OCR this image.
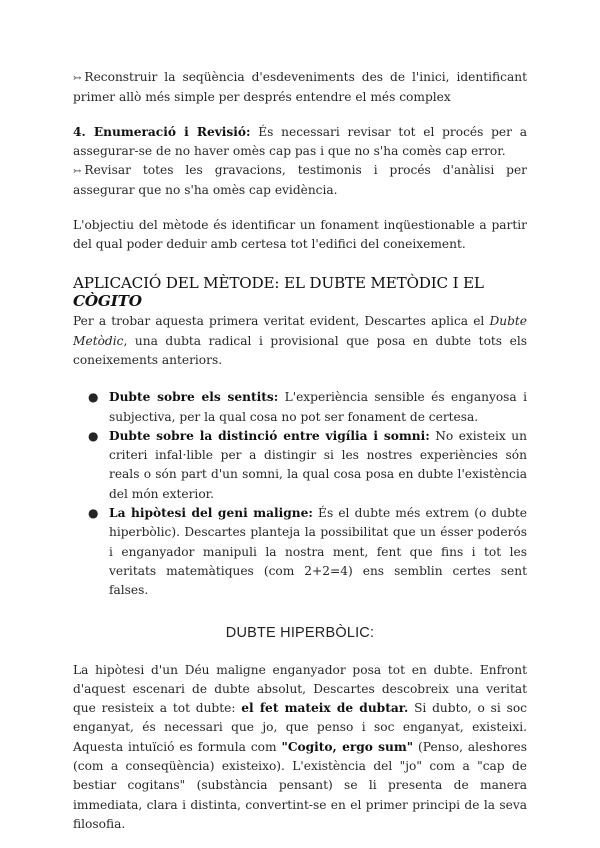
↣ Reconstruir la seqüència d'esdeveniments des de l'inici, identificant primer allò més simple per després entendre el més complex

4. Enumeració i Revisió: És necessari revisar tot el procés per a assegurar-se de no haver omès cap pas i que no s'ha comès cap error.

↣ Revisar totes les gravacions, testimonis i procés d'anàlisi per assegurar que no s'ha omès cap evidència.

L'objectiu del mètode és identificar un fonament inqüestionable a partir del qual poder deduir amb certesa tot l'edifici del coneixement.

APLICACIÓ DEL MÈTODE: EL DUBTE METÒDIC I EL CÒGITO

Per a trobar aquesta primera veritat evident, Descartes aplica el Dubte Metòdic, una dubta radical i provisional que posa en dubte tots els coneixements anteriors.

● Dubte sobre els sentits: L'experiència sensible és enganyosa i subjectiva, per la qual cosa no pot ser fonament de certesa.
● Dubte sobre la distinció entre vigília i somni: No existeix un criteri infal·lible per a distingir si les nostres experiències són reals o són part d'un somni, la qual cosa posa en dubte l'existència del món exterior.
● La hipòtesi del geni maligne: És el dubte més extrem (o dubte hiperbòlic). Descartes planteja la possibilitat que un ésser poderós i enganyador manipuli la nostra ment, fent que fins i tot les veritats matemàtiques (com 2+2=4) ens semblin certes sent falses.
DUBTE HIPERBÒLIC:

La hipòtesi d'un Déu maligne enganyador posa tot en dubte. Enfront d'aquest escenari de dubte absolut, Descartes descobreix una veritat que resisteix a tot dubte: el fet mateix de dubtar. Si dubto, o si soc enganyat, és necessari que jo, que penso i soc enganyat, existeixi. Aquesta intuïció es formula com "Cogito, ergo sum" (Penso, aleshores (com a conseqüència) existeixo). L'existència del "jo" com a "cap de bestiar cogitans" (substància pensant) se li presenta de manera immediata, clara i distinta, convertint-se en el primer principi de la seva filosofia.
